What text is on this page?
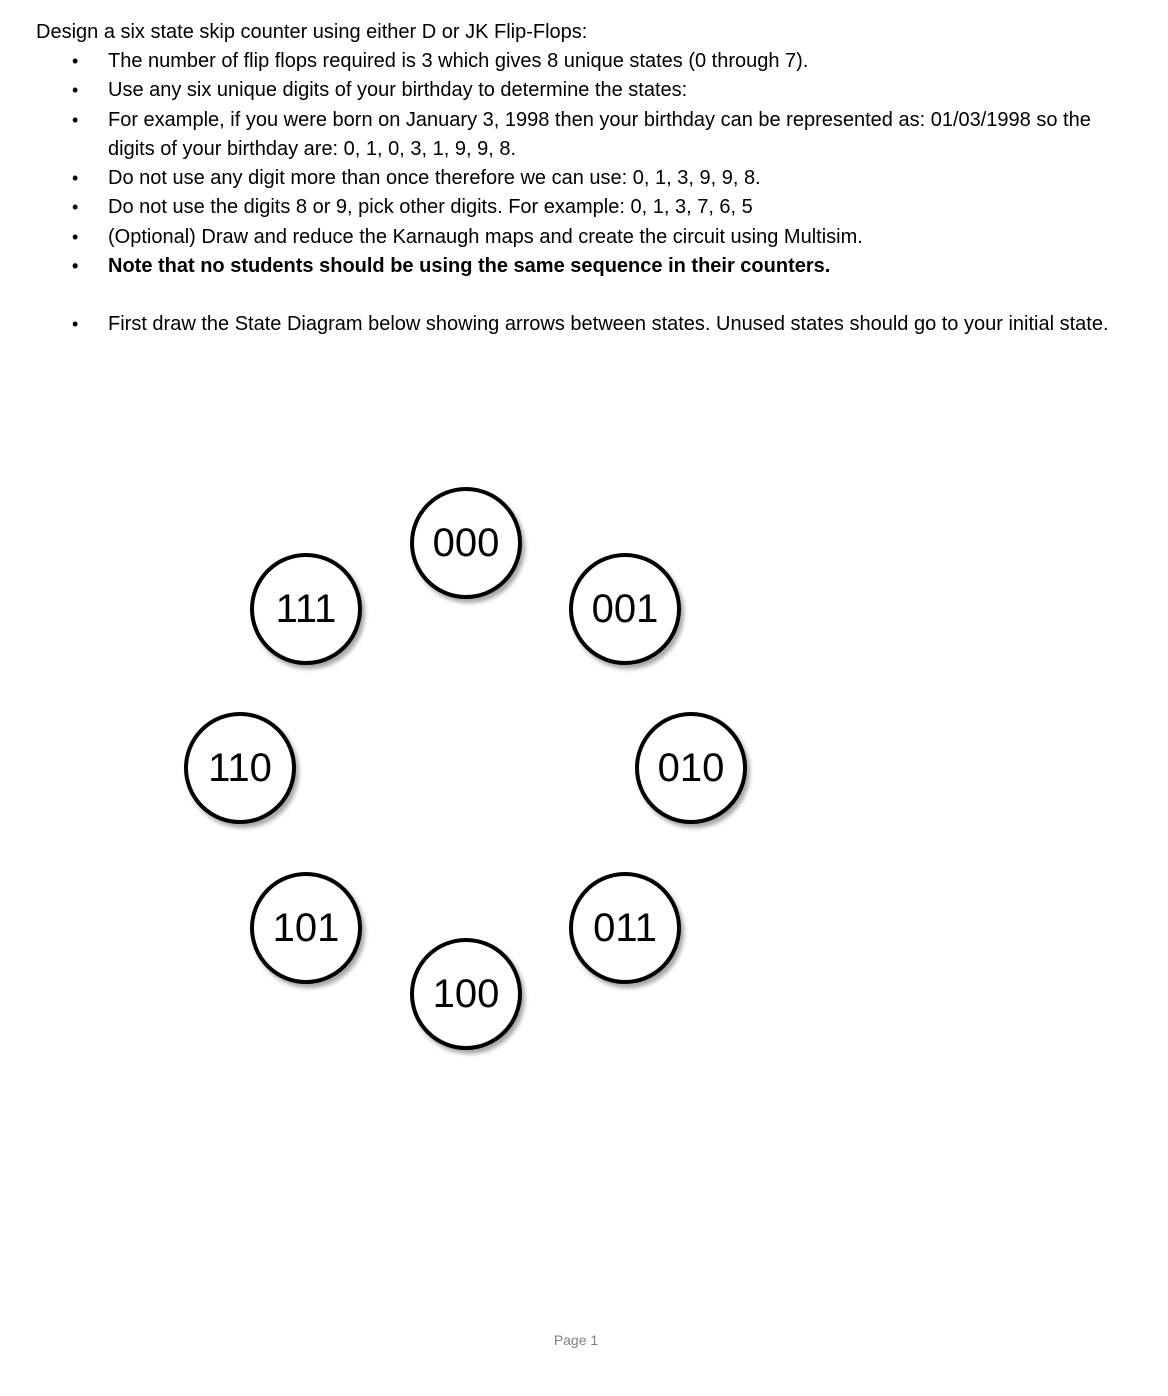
Design a six state skip counter using either D or JK Flip-Flops:
• The number of flip flops required is 3 which gives 8 unique states (0 through 7).
• Use any six unique digits of your birthday to determine the states:
• For example, if you were born on January 3, 1998 then your birthday can be represented as: 01/03/1998 so the digits of your birthday are: 0, 1, 0, 3, 1, 9, 9, 8.
• Do not use any digit more than once therefore we can use: 0, 1, 3, 9, 9, 8.
• Do not use the digits 8 or 9, pick other digits. For example: 0, 1, 3, 7, 6, 5
• (Optional) Draw and reduce the Karnaugh maps and create the circuit using Multisim.
• Note that no students should be using the same sequence in their counters.
• First draw the State Diagram below showing arrows between states. Unused states should go to your initial state.
000
001
010
011
100
101
110
111
Page 1
